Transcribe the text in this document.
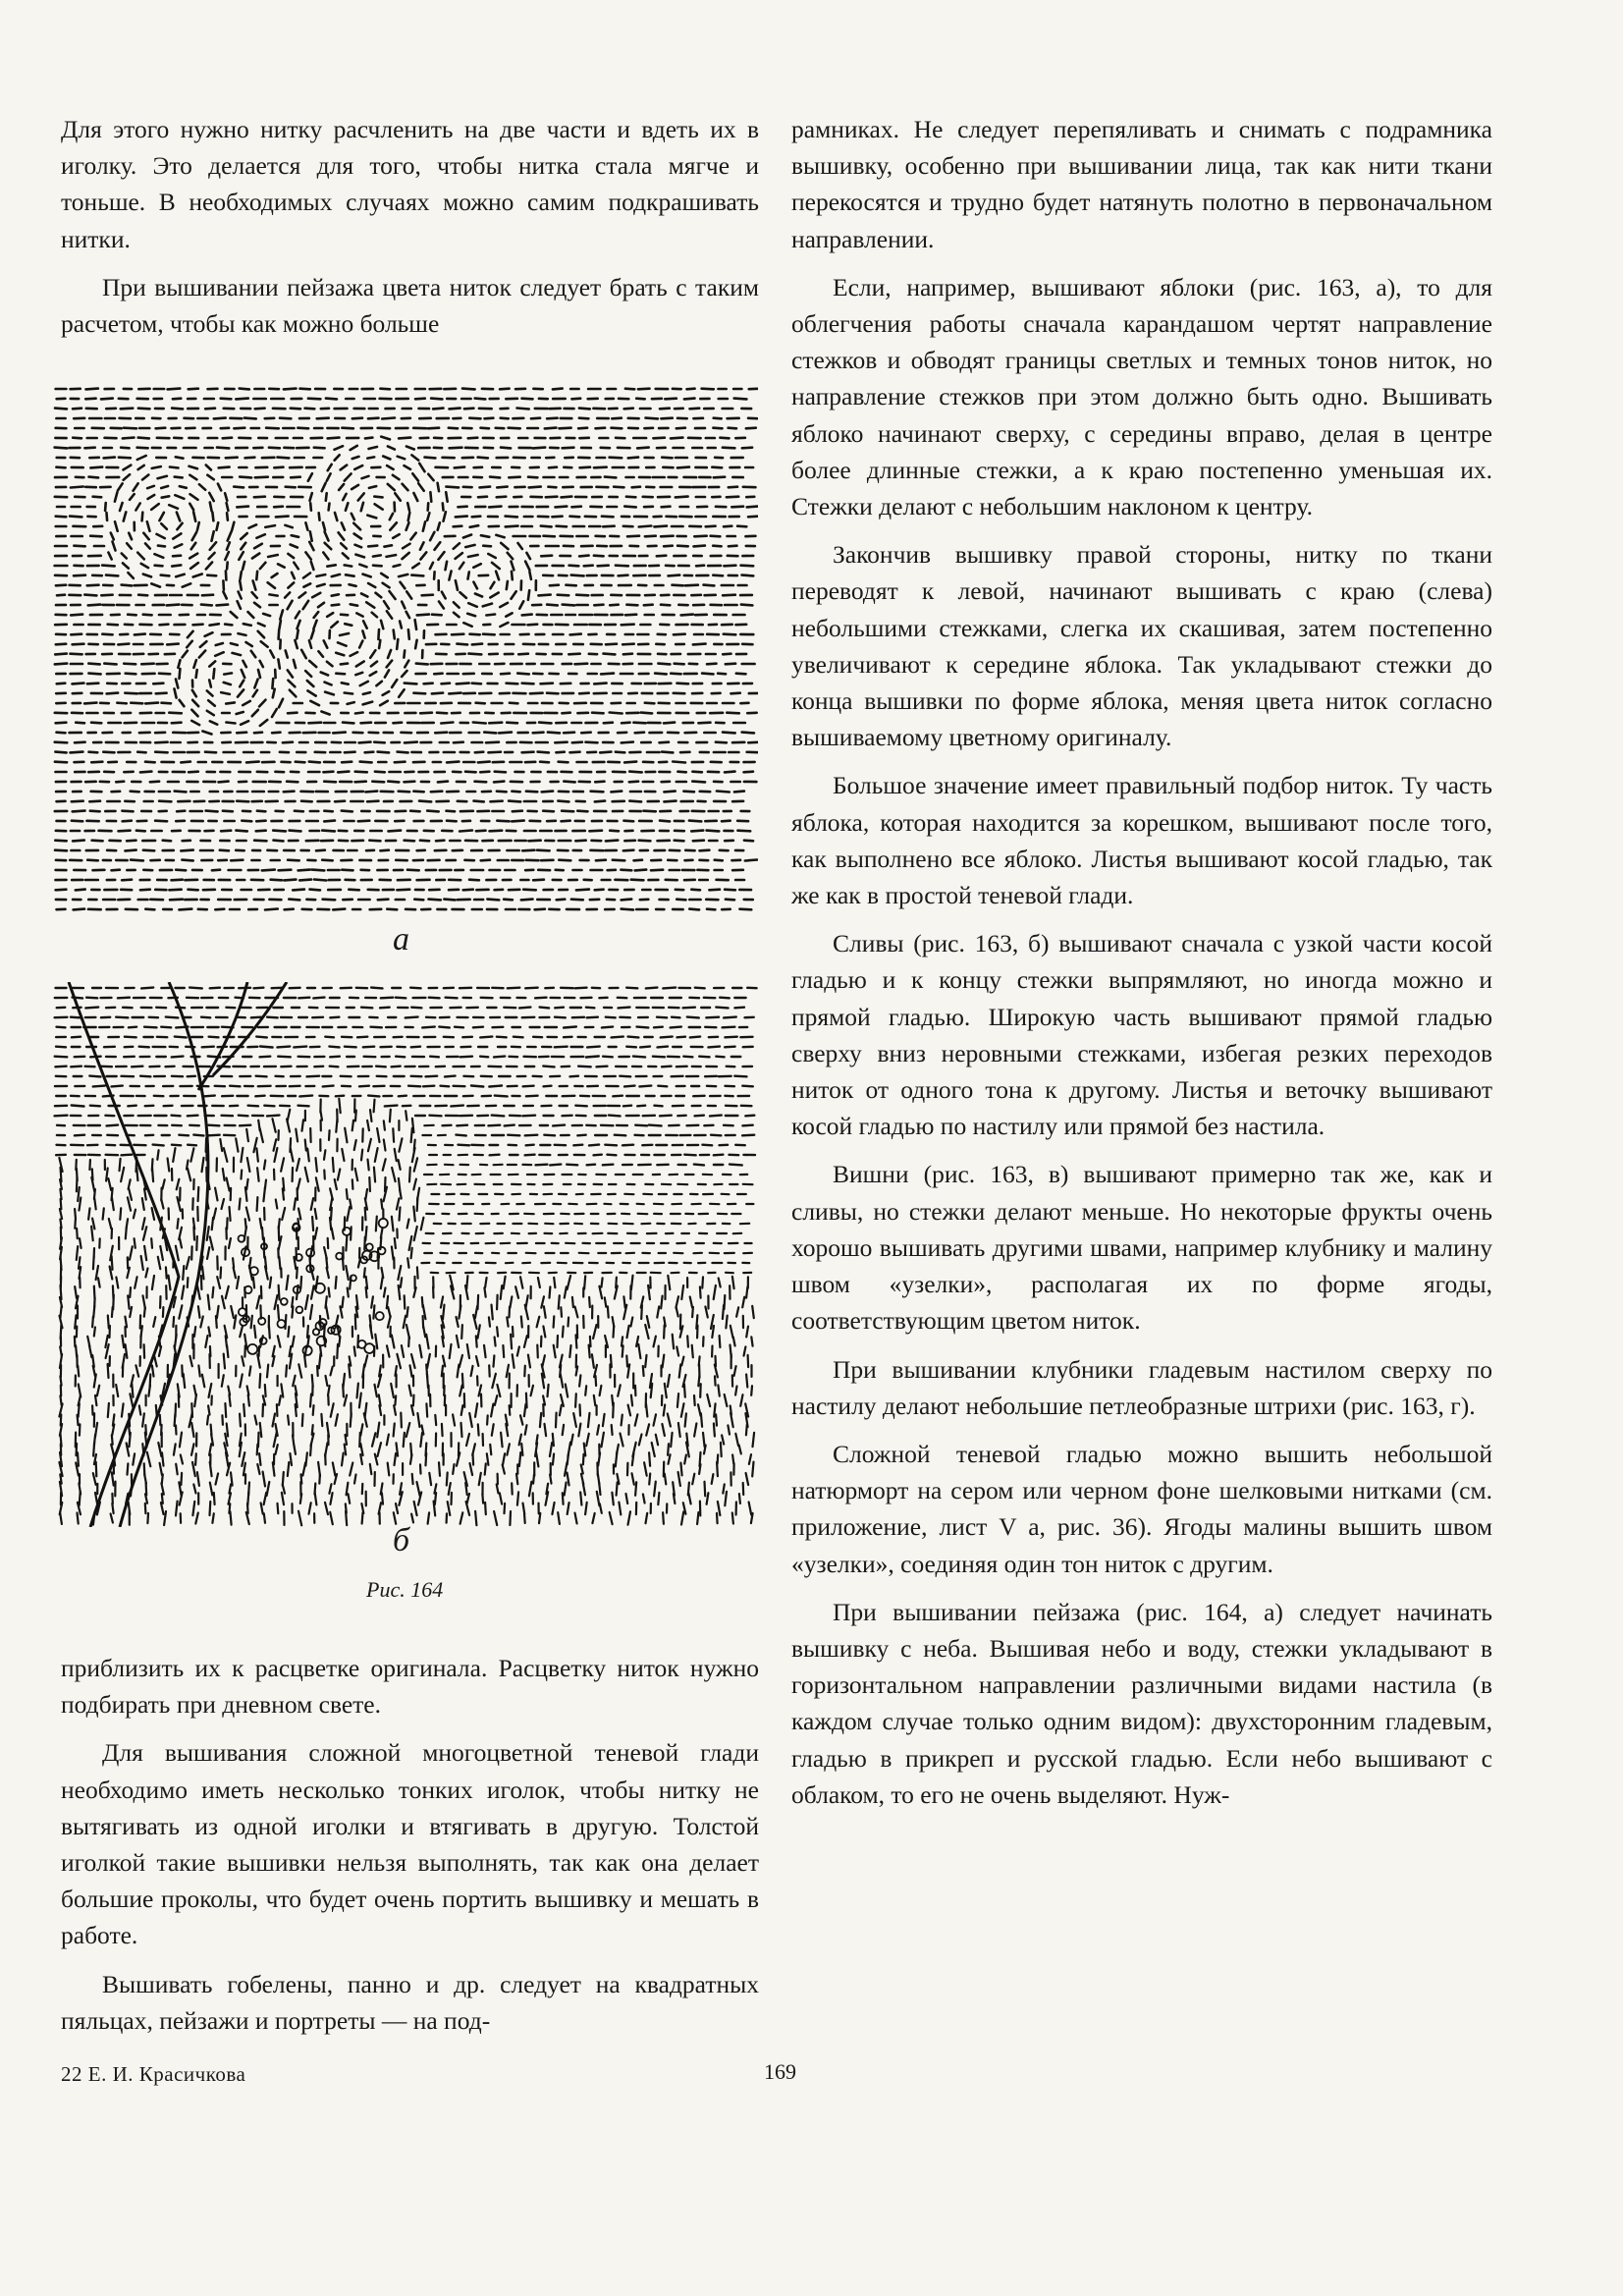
Для этого нужно нитку расчленить на две части и вдеть их в иголку. Это делается для того, чтобы нитка стала мягче и тоньше. В необходимых случаях можно самим подкрашивать нитки.

При вышивании пейзажа цвета ниток следует брать с таким расчетом, чтобы как можно больше

а
б
Рис. 164

приблизить их к расцветке оригинала. Расцветку ниток нужно подбирать при дневном свете.

Для вышивания сложной многоцветной теневой глади необходимо иметь несколько тонких иголок, чтобы нитку не вытягивать из одной иголки и втягивать в другую. Толстой иголкой такие вышивки нельзя выполнять, так как она делает большие проколы, что будет очень портить вышивку и мешать в работе.

Вышивать гобелены, панно и др. следует на квадратных пяльцах, пейзажи и портреты — на под-

рамниках. Не следует перепяливать и снимать с подрамника вышивку, особенно при вышивании лица, так как нити ткани перекосятся и трудно будет натянуть полотно в первоначальном направлении.

Если, например, вышивают яблоки (рис. 163, а), то для облегчения работы сначала карандашом чертят направление стежков и обводят границы светлых и темных тонов ниток, но направление стежков при этом должно быть одно. Вышивать яблоко начинают сверху, с середины вправо, делая в центре более длинные стежки, а к краю постепенно уменьшая их. Стежки делают с небольшим наклоном к центру.

Закончив вышивку правой стороны, нитку по ткани переводят к левой, начинают вышивать с краю (слева) небольшими стежками, слегка их скашивая, затем постепенно увеличивают к середине яблока. Так укладывают стежки до конца вышивки по форме яблока, меняя цвета ниток согласно вышиваемому цветному оригиналу.

Большое значение имеет правильный подбор ниток. Ту часть яблока, которая находится за корешком, вышивают после того, как выполнено все яблоко. Листья вышивают косой гладью, так же как в простой теневой глади.

Сливы (рис. 163, б) вышивают сначала с узкой части косой гладью и к концу стежки выпрямляют, но иногда можно и прямой гладью. Широкую часть вышивают прямой гладью сверху вниз неровными стежками, избегая резких переходов ниток от одного тона к другому. Листья и веточку вышивают косой гладью по настилу или прямой без настила.

Вишни (рис. 163, в) вышивают примерно так же, как и сливы, но стежки делают меньше. Но некоторые фрукты очень хорошо вышивать другими швами, например клубнику и малину швом «узелки», располагая их по форме ягоды, соответствующим цветом ниток.

При вышивании клубники гладевым настилом сверху по настилу делают небольшие петлеобразные штрихи (рис. 163, г).

Сложной теневой гладью можно вышить небольшой натюрморт на сером или черном фоне шелковыми нитками (см. приложение, лист V а, рис. 36). Ягоды малины вышить швом «узелки», соединяя один тон ниток с другим.

При вышивании пейзажа (рис. 164, а) следует начинать вышивку с неба. Вышивая небо и воду, стежки укладывают в горизонтальном направлении различными видами настила (в каждом случае только одним видом): двухсторонним гладевым, гладью в прикреп и русской гладью. Если небо вышивают с облаком, то его не очень выделяют. Нуж-

22 Е. И. Красичкова	169
